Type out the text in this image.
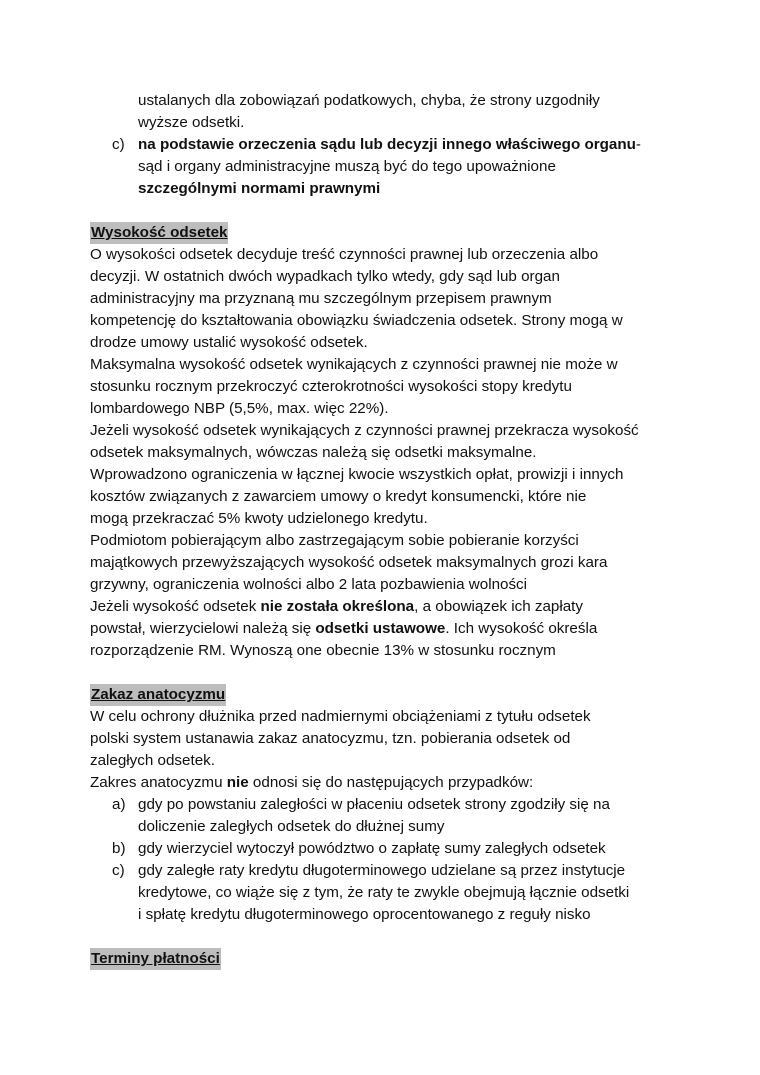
ustalanych dla zobowiązań podatkowych, chyba, że strony uzgodniły
wyższe odsetki.
c) na podstawie orzeczenia sądu lub decyzji innego właściwego organu-
sąd i organy administracyjne muszą być do tego upoważnione
szczególnymi normami prawnymi
Wysokość odsetek
O wysokości odsetek decyduje treść czynności prawnej lub orzeczenia albo
decyzji. W ostatnich dwóch wypadkach tylko wtedy, gdy sąd lub organ
administracyjny ma przyznaną mu szczególnym przepisem prawnym
kompetencję do kształtowania obowiązku świadczenia odsetek. Strony mogą w
drodze umowy ustalić wysokość odsetek.
Maksymalna wysokość odsetek wynikających z czynności prawnej nie może w
stosunku rocznym przekroczyć czterokrotności wysokości stopy kredytu
lombardowego NBP (5,5%, max. więc 22%).
Jeżeli wysokość odsetek wynikających z czynności prawnej przekracza wysokość
odsetek maksymalnych, wówczas należą się odsetki maksymalne.
Wprowadzono ograniczenia w łącznej kwocie wszystkich opłat, prowizji i innych
kosztów związanych z zawarciem umowy o kredyt konsumencki, które nie
mogą przekraczać 5% kwoty udzielonego kredytu.
Podmiotom pobierającym albo zastrzegającym sobie pobieranie korzyści
majątkowych przewyższających wysokość odsetek maksymalnych grozi kara
grzywny, ograniczenia wolności albo 2 lata pozbawienia wolności
Jeżeli wysokość odsetek nie została określona, a obowiązek ich zapłaty
powstał, wierzycielowi należą się odsetki ustawowe. Ich wysokość określa
rozporządzenie RM. Wynoszą one obecnie 13% w stosunku rocznym
Zakaz anatocyzmu
W celu ochrony dłużnika przed nadmiernymi obciążeniami z tytułu odsetek
polski system ustanawia zakaz anatocyzmu, tzn. pobierania odsetek od
zaległych odsetek.
Zakres anatocyzmu nie odnosi się do następujących przypadków:
a) gdy po powstaniu zaległości w płaceniu odsetek strony zgodziły się na
doliczenie zaległych odsetek do dłużnej sumy
b) gdy wierzyciel wytoczył powództwo o zapłatę sumy zaległych odsetek
c) gdy zaległe raty kredytu długoterminowego udzielane są przez instytucje
kredytowe, co wiąże się z tym, że raty te zwykle obejmują łącznie odsetki
i spłatę kredytu długoterminowego oprocentowanego z reguły nisko
Terminy płatności
